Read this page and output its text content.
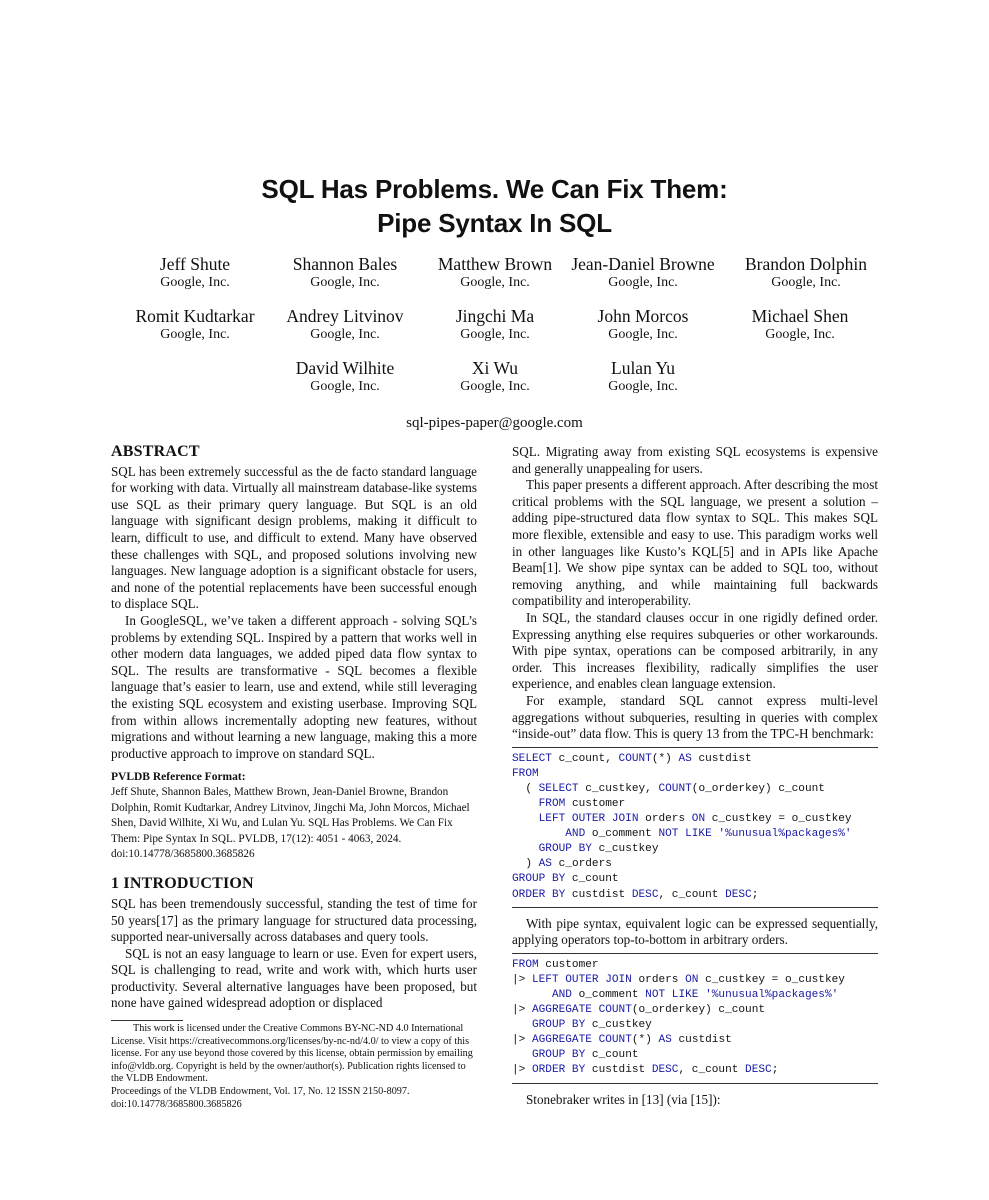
SQL Has Problems. We Can Fix Them:
Pipe Syntax In SQL
Jeff Shute
Google, Inc.
Shannon Bales
Google, Inc.
Matthew Brown
Google, Inc.
Jean-Daniel Browne
Google, Inc.
Brandon Dolphin
Google, Inc.
Romit Kudtarkar
Google, Inc.
Andrey Litvinov
Google, Inc.
Jingchi Ma
Google, Inc.
John Morcos
Google, Inc.
Michael Shen
Google, Inc.
David Wilhite
Google, Inc.
Xi Wu
Google, Inc.
Lulan Yu
Google, Inc.
sql-pipes-paper@google.com
ABSTRACT

SQL has been extremely successful as the de facto standard language for working with data. Virtually all mainstream database-like systems use SQL as their primary query language. But SQL is an old language with significant design problems, making it difficult to learn, difficult to use, and difficult to extend. Many have observed these challenges with SQL, and proposed solutions involving new languages. New language adoption is a significant obstacle for users, and none of the potential replacements have been successful enough to displace SQL.

In GoogleSQL, we’ve taken a different approach - solving SQL’s problems by extending SQL. Inspired by a pattern that works well in other modern data languages, we added piped data flow syntax to SQL. The results are transformative - SQL becomes a flexible language that’s easier to learn, use and extend, while still leveraging the existing SQL ecosystem and existing userbase. Improving SQL from within allows incrementally adopting new features, without migrations and without learning a new language, making this a more productive approach to improve on standard SQL.

PVLDB Reference Format:
Jeff Shute, Shannon Bales, Matthew Brown, Jean-Daniel Browne, Brandon Dolphin, Romit Kudtarkar, Andrey Litvinov, Jingchi Ma, John Morcos, Michael Shen, David Wilhite, Xi Wu, and Lulan Yu. SQL Has Problems. We Can Fix Them: Pipe Syntax In SQL. PVLDB, 17(12): 4051 - 4063, 2024.
doi:10.14778/3685800.3685826
1 INTRODUCTION

SQL has been tremendously successful, standing the test of time for 50 years[17] as the primary language for structured data processing, supported near-universally across databases and query tools.

SQL is not an easy language to learn or use. Even for expert users, SQL is challenging to read, write and work with, which hurts user productivity. Several alternative languages have been proposed, but none have gained widespread adoption or displaced

This work is licensed under the Creative Commons BY-NC-ND 4.0 International License. Visit https://creativecommons.org/licenses/by-nc-nd/4.0/ to view a copy of this license. For any use beyond those covered by this license, obtain permission by emailing info@vldb.org. Copyright is held by the owner/author(s). Publication rights licensed to the VLDB Endowment.

Proceedings of the VLDB Endowment, Vol. 17, No. 12 ISSN 2150-8097.

doi:10.14778/3685800.3685826

SQL. Migrating away from existing SQL ecosystems is expensive and generally unappealing for users.

This paper presents a different approach. After describing the most critical problems with the SQL language, we present a solution – adding pipe-structured data flow syntax to SQL. This makes SQL more flexible, extensible and easy to use. This paradigm works well in other languages like Kusto’s KQL[5] and in APIs like Apache Beam[1]. We show pipe syntax can be added to SQL too, without removing anything, and while maintaining full backwards compatibility and interoperability.

In SQL, the standard clauses occur in one rigidly defined order. Expressing anything else requires subqueries or other workarounds. With pipe syntax, operations can be composed arbitrarily, in any order. This increases flexibility, radically simplifies the user experience, and enables clean language extension.

For example, standard SQL cannot express multi-level aggregations without subqueries, resulting in queries with complex “inside-out” data flow. This is query 13 from the TPC-H benchmark:

SELECT c_count, COUNT(*) AS custdist
FROM
( SELECT c_custkey, COUNT(o_orderkey) c_count
FROM customer
LEFT OUTER JOIN orders ON c_custkey = o_custkey
AND o_comment NOT LIKE '%unusual%packages%'
GROUP BY c_custkey
) AS c_orders
GROUP BY c_count
ORDER BY custdist DESC, c_count DESC;

With pipe syntax, equivalent logic can be expressed sequentially, applying operators top-to-bottom in arbitrary orders.

FROM customer
|> LEFT OUTER JOIN orders ON c_custkey = o_custkey
AND o_comment NOT LIKE '%unusual%packages%'
|> AGGREGATE COUNT(o_orderkey) c_count
GROUP BY c_custkey
|> AGGREGATE COUNT(*) AS custdist
GROUP BY c_count
|> ORDER BY custdist DESC, c_count DESC;

Stonebraker writes in [13] (via [15]):
